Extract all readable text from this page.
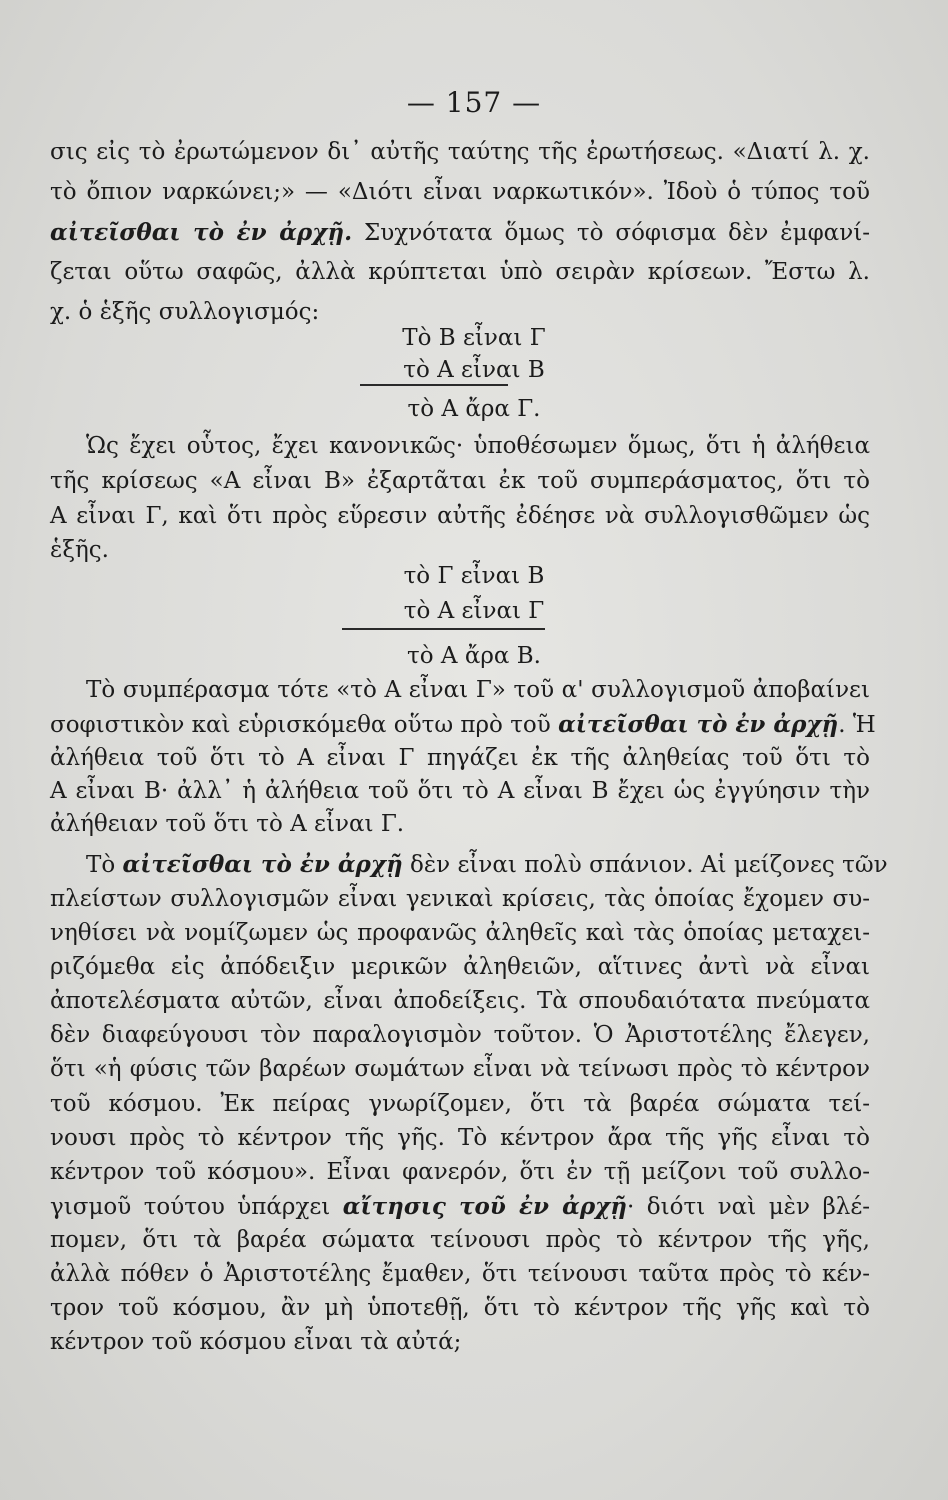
— 157 —
σις εἰς τὸ ἐρωτώμενον δι᾽ αὐτῆς ταύτης τῆς ἐρωτήσεως. «Διατί λ. χ.
τὸ ὄπιον ναρκώνει;» — «Διότι εἶναι ναρκωτικόν». Ἰδοὺ ὁ τύπος τοῦ
αἰτεῖσθαι τὸ ἐν ἀρχῇ. Συχνότατα ὅμως τὸ σόφισμα δὲν ἐμφανί-
ζεται οὕτω σαφῶς, ἀλλὰ κρύπτεται ὑπὸ σειρὰν κρίσεων. Ἔστω λ.
χ. ὁ ἑξῆς συλλογισμός:
Τὸ Β εἶναι Γ
τὸ Α εἶναι Β
τὸ Α ἄρα Γ.
Ὡς ἔχει οὗτος, ἔχει κανονικῶς· ὑποθέσωμεν ὅμως, ὅτι ἡ ἀλήθεια
τῆς κρίσεως «Α εἶναι Β» ἐξαρτᾶται ἐκ τοῦ συμπεράσματος, ὅτι τὸ
Α εἶναι Γ, καὶ ὅτι πρὸς εὕρεσιν αὐτῆς ἐδέησε νὰ συλλογισθῶμεν ὡς
ἑξῆς.
τὸ Γ εἶναι Β
τὸ Α εἶναι Γ
τὸ Α ἄρα Β.
Τὸ συμπέρασμα τότε «τὸ Α εἶναι Γ» τοῦ α' συλλογισμοῦ ἀποβαίνει
σοφιστικὸν καὶ εὑρισκόμεθα οὕτω πρὸ τοῦ αἰτεῖσθαι τὸ ἐν ἀρχῇ. Ἡ
ἀλήθεια τοῦ ὅτι τὸ Α εἶναι Γ πηγάζει ἐκ τῆς ἀληθείας τοῦ ὅτι τὸ
Α εἶναι Β· ἀλλ᾽ ἡ ἀλήθεια τοῦ ὅτι τὸ Α εἶναι Β ἔχει ὡς ἐγγύησιν τὴν
ἀλήθειαν τοῦ ὅτι τὸ Α εἶναι Γ.
Τὸ αἰτεῖσθαι τὸ ἐν ἀρχῇ δὲν εἶναι πολὺ σπάνιον. Αἱ μείζονες τῶν
πλείστων συλλογισμῶν εἶναι γενικαὶ κρίσεις, τὰς ὁποίας ἔχομεν συ-
νηθίσει νὰ νομίζωμεν ὡς προφανῶς ἀληθεῖς καὶ τὰς ὁποίας μεταχει-
ριζόμεθα εἰς ἀπόδειξιν μερικῶν ἀληθειῶν, αἵτινες ἀντὶ νὰ εἶναι
ἀποτελέσματα αὐτῶν, εἶναι ἀποδείξεις. Τὰ σπουδαιότατα πνεύματα
δὲν διαφεύγουσι τὸν παραλογισμὸν τοῦτον. Ὁ Ἀριστοτέλης ἔλεγεν,
ὅτι «ἡ φύσις τῶν βαρέων σωμάτων εἶναι νὰ τείνωσι πρὸς τὸ κέντρον
τοῦ κόσμου. Ἐκ πείρας γνωρίζομεν, ὅτι τὰ βαρέα σώματα τεί-
νουσι πρὸς τὸ κέντρον τῆς γῆς. Τὸ κέντρον ἄρα τῆς γῆς εἶναι τὸ
κέντρον τοῦ κόσμου». Εἶναι φανερόν, ὅτι ἐν τῇ μείζονι τοῦ συλλο-
γισμοῦ τούτου ὑπάρχει αἴτησις τοῦ ἐν ἀρχῇ· διότι ναὶ μὲν βλέ-
πομεν, ὅτι τὰ βαρέα σώματα τείνουσι πρὸς τὸ κέντρον τῆς γῆς,
ἀλλὰ πόθεν ὁ Ἀριστοτέλης ἔμαθεν, ὅτι τείνουσι ταῦτα πρὸς τὸ κέν-
τρον τοῦ κόσμου, ἂν μὴ ὑποτεθῇ, ὅτι τὸ κέντρον τῆς γῆς καὶ τὸ
κέντρον τοῦ κόσμου εἶναι τὰ αὐτά;
